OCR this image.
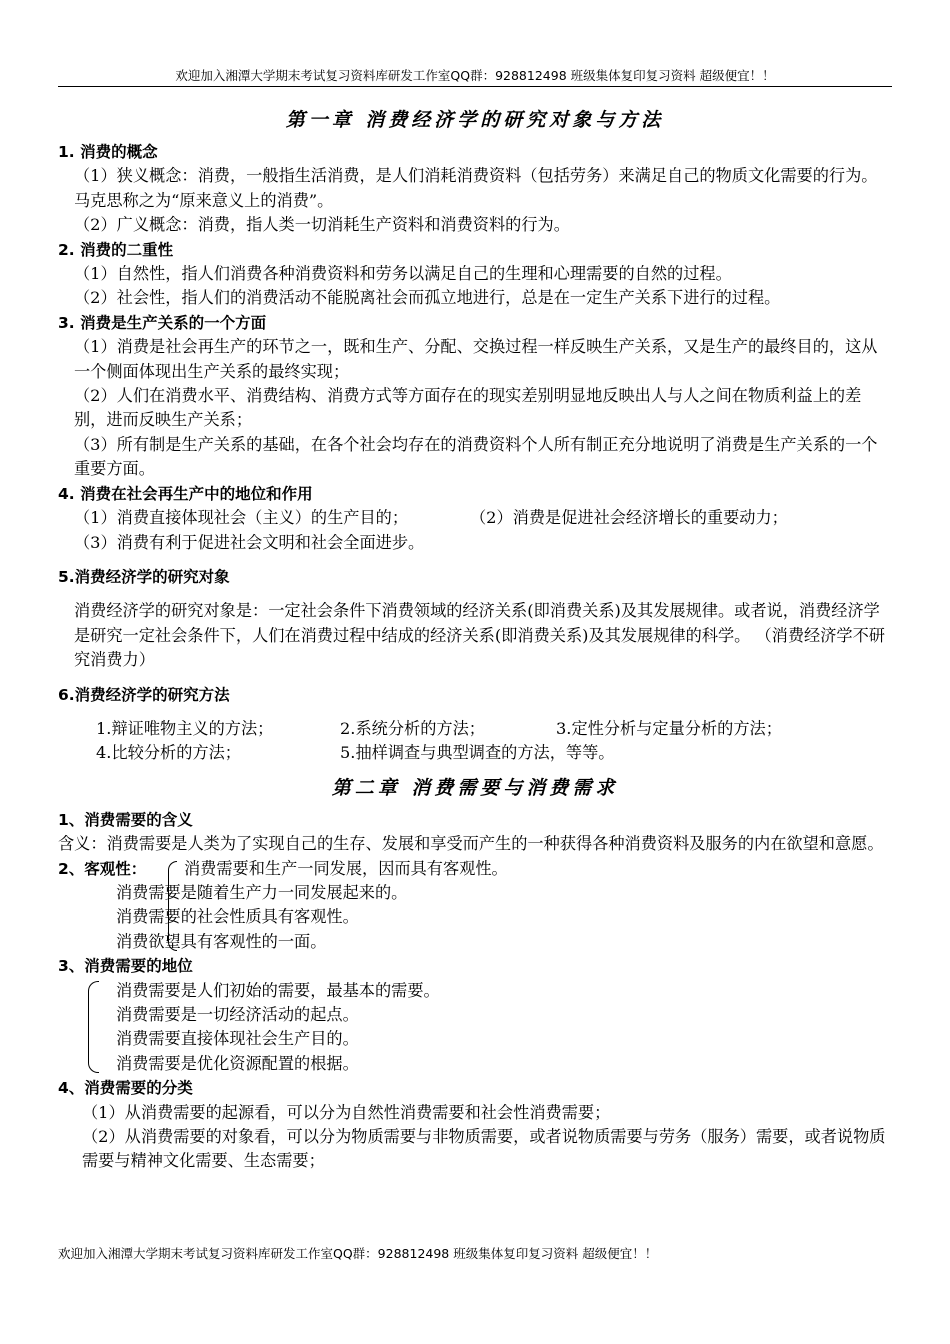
欢迎加入湘潭大学期末考试复习资料库研发工作室QQ群：928812498 班级集体复印复习资料 超级便宜！！
第一章 消费经济学的研究对象与方法

1. 消费的概念

（1）狭义概念：消费，一般指生活消费，是人们消耗消费资料（包括劳务）来满足自己的物质文化需要的行为。马克思称之为“原来意义上的消费”。

（2）广义概念：消费，指人类一切消耗生产资料和消费资料的行为。

2. 消费的二重性

（1）自然性，指人们消费各种消费资料和劳务以满足自己的生理和心理需要的自然的过程。

（2）社会性，指人们的消费活动不能脱离社会而孤立地进行，总是在一定生产关系下进行的过程。

3. 消费是生产关系的一个方面

（1）消费是社会再生产的环节之一，既和生产、分配、交换过程一样反映生产关系，又是生产的最终目的，这从一个侧面体现出生产关系的最终实现；

（2）人们在消费水平、消费结构、消费方式等方面存在的现实差别明显地反映出人与人之间在物质利益上的差别，进而反映生产关系；

（3）所有制是生产关系的基础，在各个社会均存在的消费资料个人所有制正充分地说明了消费是生产关系的一个重要方面。

4. 消费在社会再生产中的地位和作用

（1）消费直接体现社会（主义）的生产目的；	（2）消费是促进社会经济增长的重要动力；

（3）消费有利于促进社会文明和社会全面进步。

5.消费经济学的研究对象

消费经济学的研究对象是：一定社会条件下消费领域的经济关系(即消费关系)及其发展规律。或者说，消费经济学是研究一定社会条件下，人们在消费过程中结成的经济关系(即消费关系)及其发展规律的科学。 （消费经济学不研究消费力）

6.消费经济学的研究方法

1.辩证唯物主义的方法；	2.系统分析的方法；	3.定性分析与定量分析的方法；
4.比较分析的方法；	5.抽样调查与典型调查的方法，等等。
第二章 消费需要与消费需求

1、消费需要的含义

含义：消费需要是人类为了实现自己的生存、发展和享受而产生的一种获得各种消费资料及服务的内在欲望和意愿。

2、客观性：	消费需要和生产一同发展，因而具有客观性。

消费需要是随着生产力一同发展起来的。

消费需要的社会性质具有客观性。

消费欲望具有客观性的一面。

3、消费需要的地位

消费需要是人们初始的需要，最基本的需要。

消费需要是一切经济活动的起点。

消费需要直接体现社会生产目的。

消费需要是优化资源配置的根据。

4、消费需要的分类

（1）从消费需要的起源看，可以分为自然性消费需要和社会性消费需要；

（2）从消费需要的对象看，可以分为物质需要与非物质需要，或者说物质需要与劳务（服务）需要，或者说物质需要与精神文化需要、生态需要；

欢迎加入湘潭大学期末考试复习资料库研发工作室QQ群：928812498 班级集体复印复习资料 超级便宜！！
